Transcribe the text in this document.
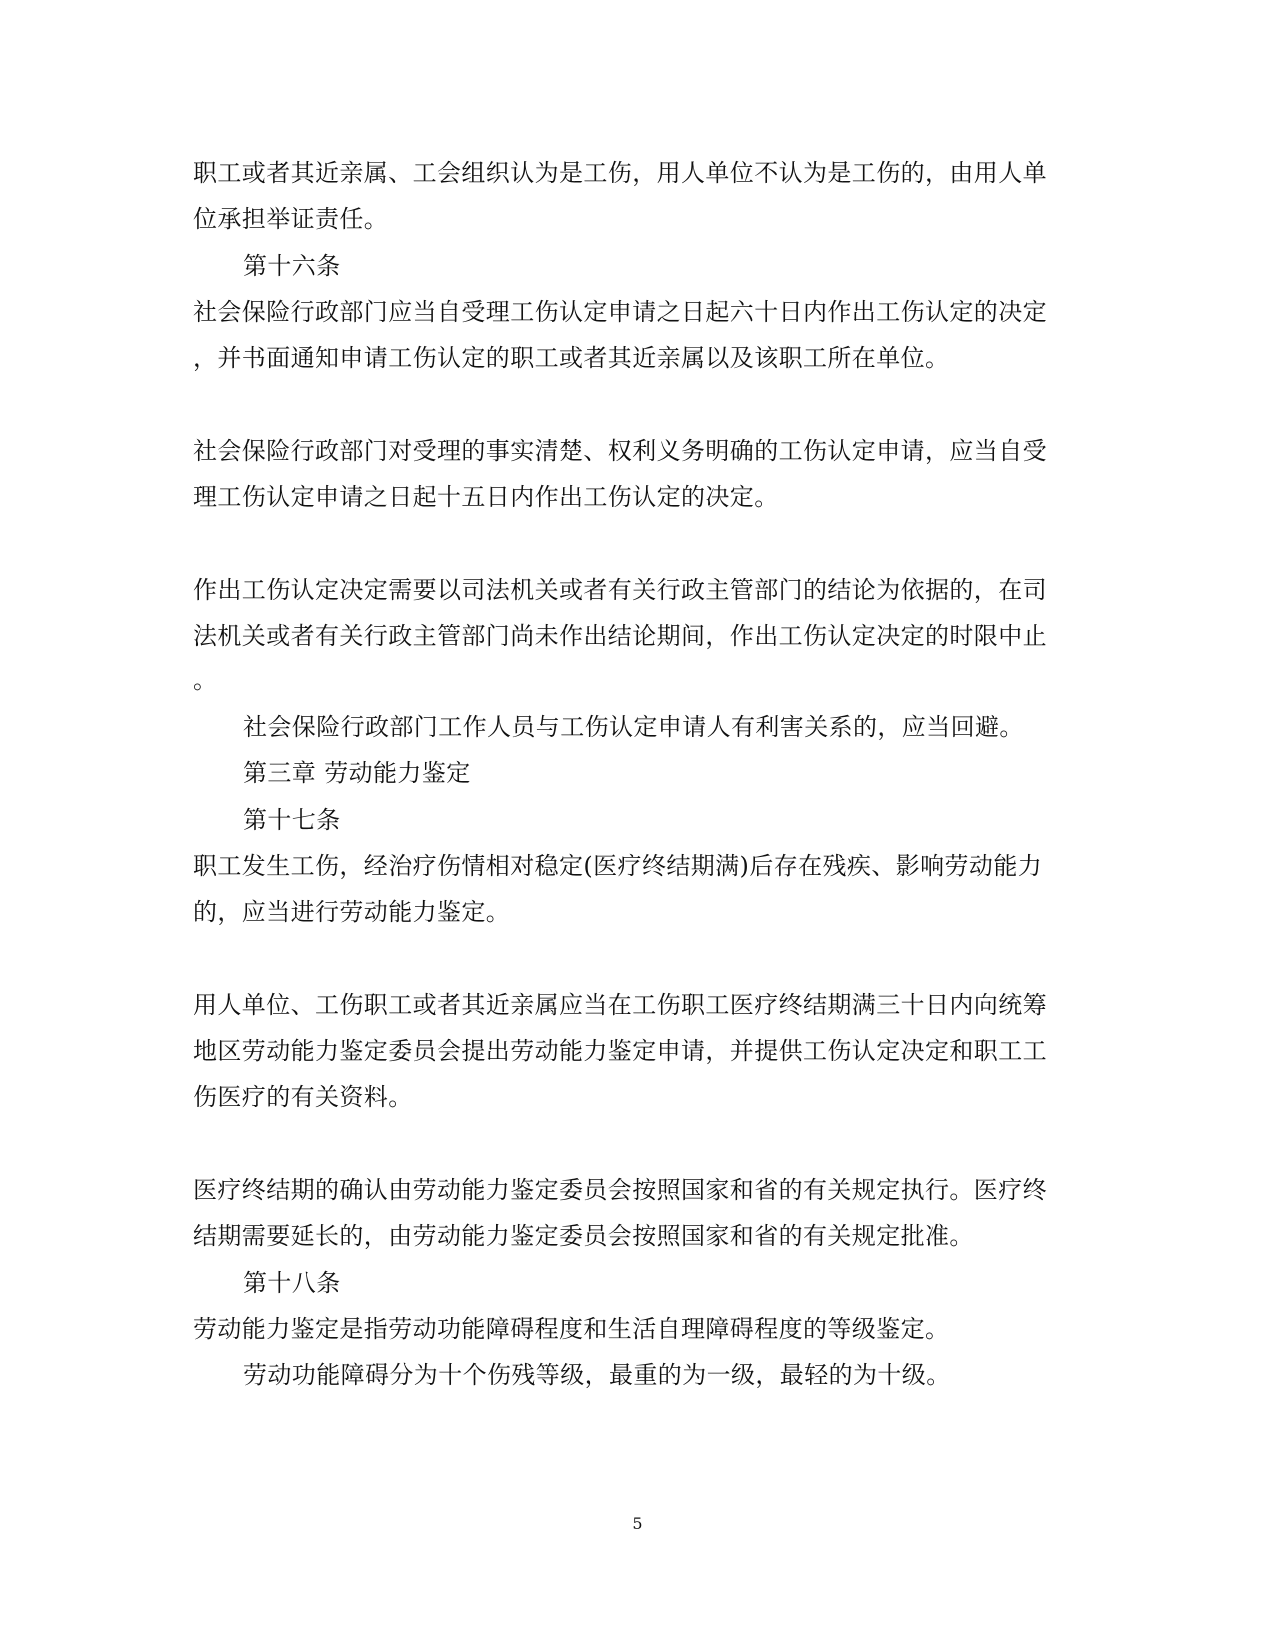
职工或者其近亲属、工会组织认为是工伤，用人单位不认为是工伤的，由用人单
位承担举证责任。
第十六条
社会保险行政部门应当自受理工伤认定申请之日起六十日内作出工伤认定的决定
，并书面通知申请工伤认定的职工或者其近亲属以及该职工所在单位。
社会保险行政部门对受理的事实清楚、权利义务明确的工伤认定申请，应当自受
理工伤认定申请之日起十五日内作出工伤认定的决定。
作出工伤认定决定需要以司法机关或者有关行政主管部门的结论为依据的，在司
法机关或者有关行政主管部门尚未作出结论期间，作出工伤认定决定的时限中止
。
社会保险行政部门工作人员与工伤认定申请人有利害关系的，应当回避。
第三章 劳动能力鉴定
第十七条
职工发生工伤，经治疗伤情相对稳定(医疗终结期满)后存在残疾、影响劳动能力
的，应当进行劳动能力鉴定。
用人单位、工伤职工或者其近亲属应当在工伤职工医疗终结期满三十日内向统筹
地区劳动能力鉴定委员会提出劳动能力鉴定申请，并提供工伤认定决定和职工工
伤医疗的有关资料。
医疗终结期的确认由劳动能力鉴定委员会按照国家和省的有关规定执行。医疗终
结期需要延长的，由劳动能力鉴定委员会按照国家和省的有关规定批准。
第十八条
劳动能力鉴定是指劳动功能障碍程度和生活自理障碍程度的等级鉴定。
劳动功能障碍分为十个伤残等级，最重的为一级，最轻的为十级。
5
